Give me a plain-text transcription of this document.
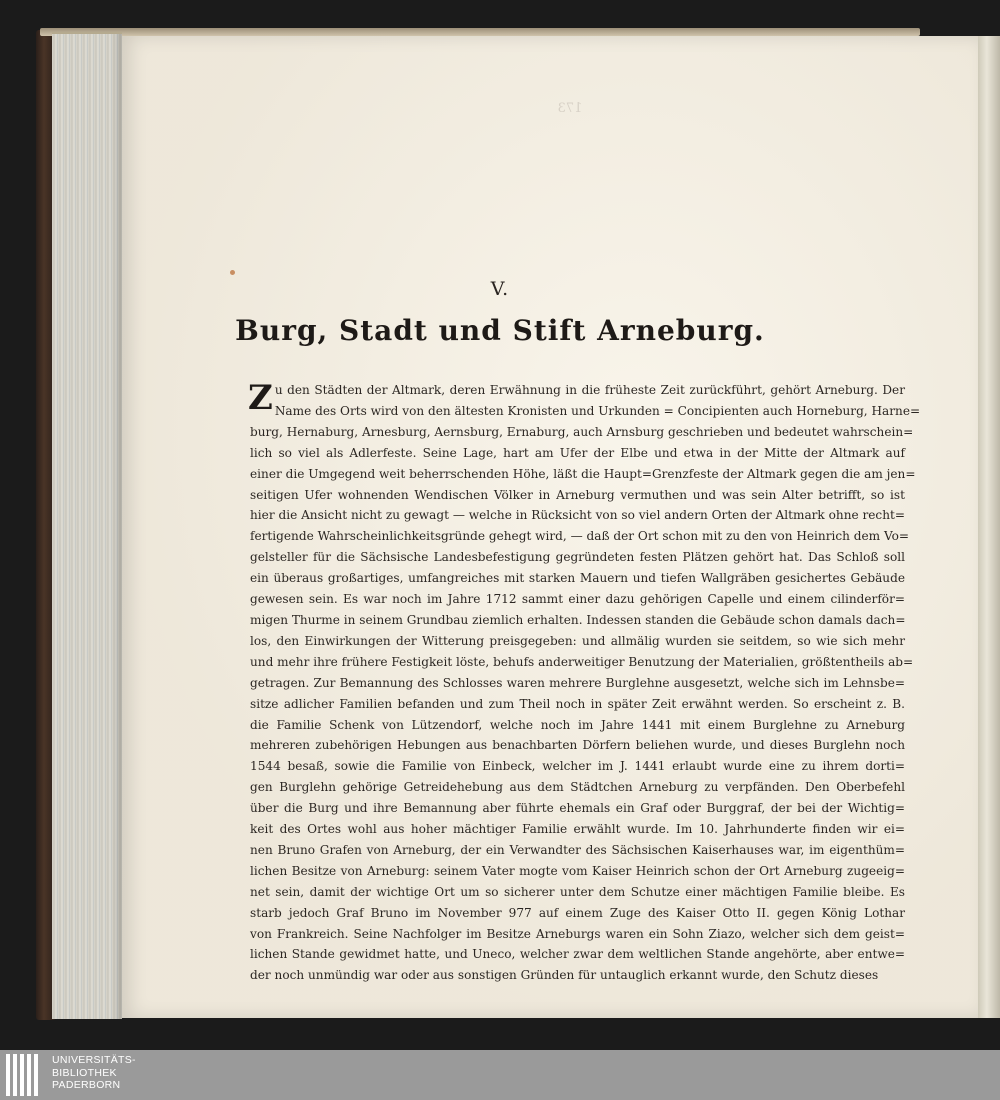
173
V.
Burg, Stadt und Stift Arneburg.
Z u den Städten der Altmark, deren Erwähnung in die früheste Zeit zurückführt, gehört Arneburg. Der
Name des Orts wird von den ältesten Kronisten und Urkunden = Concipienten auch Horneburg, Harne=
burg, Hernaburg, Arnesburg, Aernsburg, Ernaburg, auch Arnsburg geschrieben und bedeutet wahrschein=
lich so viel als Adlerfeste. Seine Lage, hart am Ufer der Elbe und etwa in der Mitte der Altmark auf
einer die Umgegend weit beherrschenden Höhe, läßt die Haupt=Grenzfeste der Altmark gegen die am jen=
seitigen Ufer wohnenden Wendischen Völker in Arneburg vermuthen und was sein Alter betrifft, so ist
hier die Ansicht nicht zu gewagt — welche in Rücksicht von so viel andern Orten der Altmark ohne recht=
fertigende Wahrscheinlichkeitsgründe gehegt wird, — daß der Ort schon mit zu den von Heinrich dem Vo=
gelsteller für die Sächsische Landesbefestigung gegründeten festen Plätzen gehört hat. Das Schloß soll
ein überaus großartiges, umfangreiches mit starken Mauern und tiefen Wallgräben gesichertes Gebäude
gewesen sein. Es war noch im Jahre 1712 sammt einer dazu gehörigen Capelle und einem cilinderför=
migen Thurme in seinem Grundbau ziemlich erhalten. Indessen standen die Gebäude schon damals dach=
los, den Einwirkungen der Witterung preisgegeben: und allmälig wurden sie seitdem, so wie sich mehr
und mehr ihre frühere Festigkeit löste, behufs anderweitiger Benutzung der Materialien, größtentheils ab=
getragen. Zur Bemannung des Schlosses waren mehrere Burglehne ausgesetzt, welche sich im Lehnsbe=
sitze adlicher Familien befanden und zum Theil noch in später Zeit erwähnt werden. So erscheint z. B.
die Familie Schenk von Lützendorf, welche noch im Jahre 1441 mit einem Burglehne zu Arneburg
mehreren zubehörigen Hebungen aus benachbarten Dörfern beliehen wurde, und dieses Burglehn noch
1544 besaß, sowie die Familie von Einbeck, welcher im J. 1441 erlaubt wurde eine zu ihrem dorti=
gen Burglehn gehörige Getreidehebung aus dem Städtchen Arneburg zu verpfänden. Den Oberbefehl
über die Burg und ihre Bemannung aber führte ehemals ein Graf oder Burggraf, der bei der Wichtig=
keit des Ortes wohl aus hoher mächtiger Familie erwählt wurde. Im 10. Jahrhunderte finden wir ei=
nen Bruno Grafen von Arneburg, der ein Verwandter des Sächsischen Kaiserhauses war, im eigenthüm=
lichen Besitze von Arneburg: seinem Vater mogte vom Kaiser Heinrich schon der Ort Arneburg zugeeig=
net sein, damit der wichtige Ort um so sicherer unter dem Schutze einer mächtigen Familie bleibe. Es
starb jedoch Graf Bruno im November 977 auf einem Zuge des Kaiser Otto II. gegen König Lothar
von Frankreich. Seine Nachfolger im Besitze Arneburgs waren ein Sohn Ziazo, welcher sich dem geist=
lichen Stande gewidmet hatte, und Uneco, welcher zwar dem weltlichen Stande angehörte, aber entwe=
der noch unmündig war oder aus sonstigen Gründen für untauglich erkannt wurde, den Schutz dieses
UNIVERSITÄTS-
BIBLIOTHEK
PADERBORN
